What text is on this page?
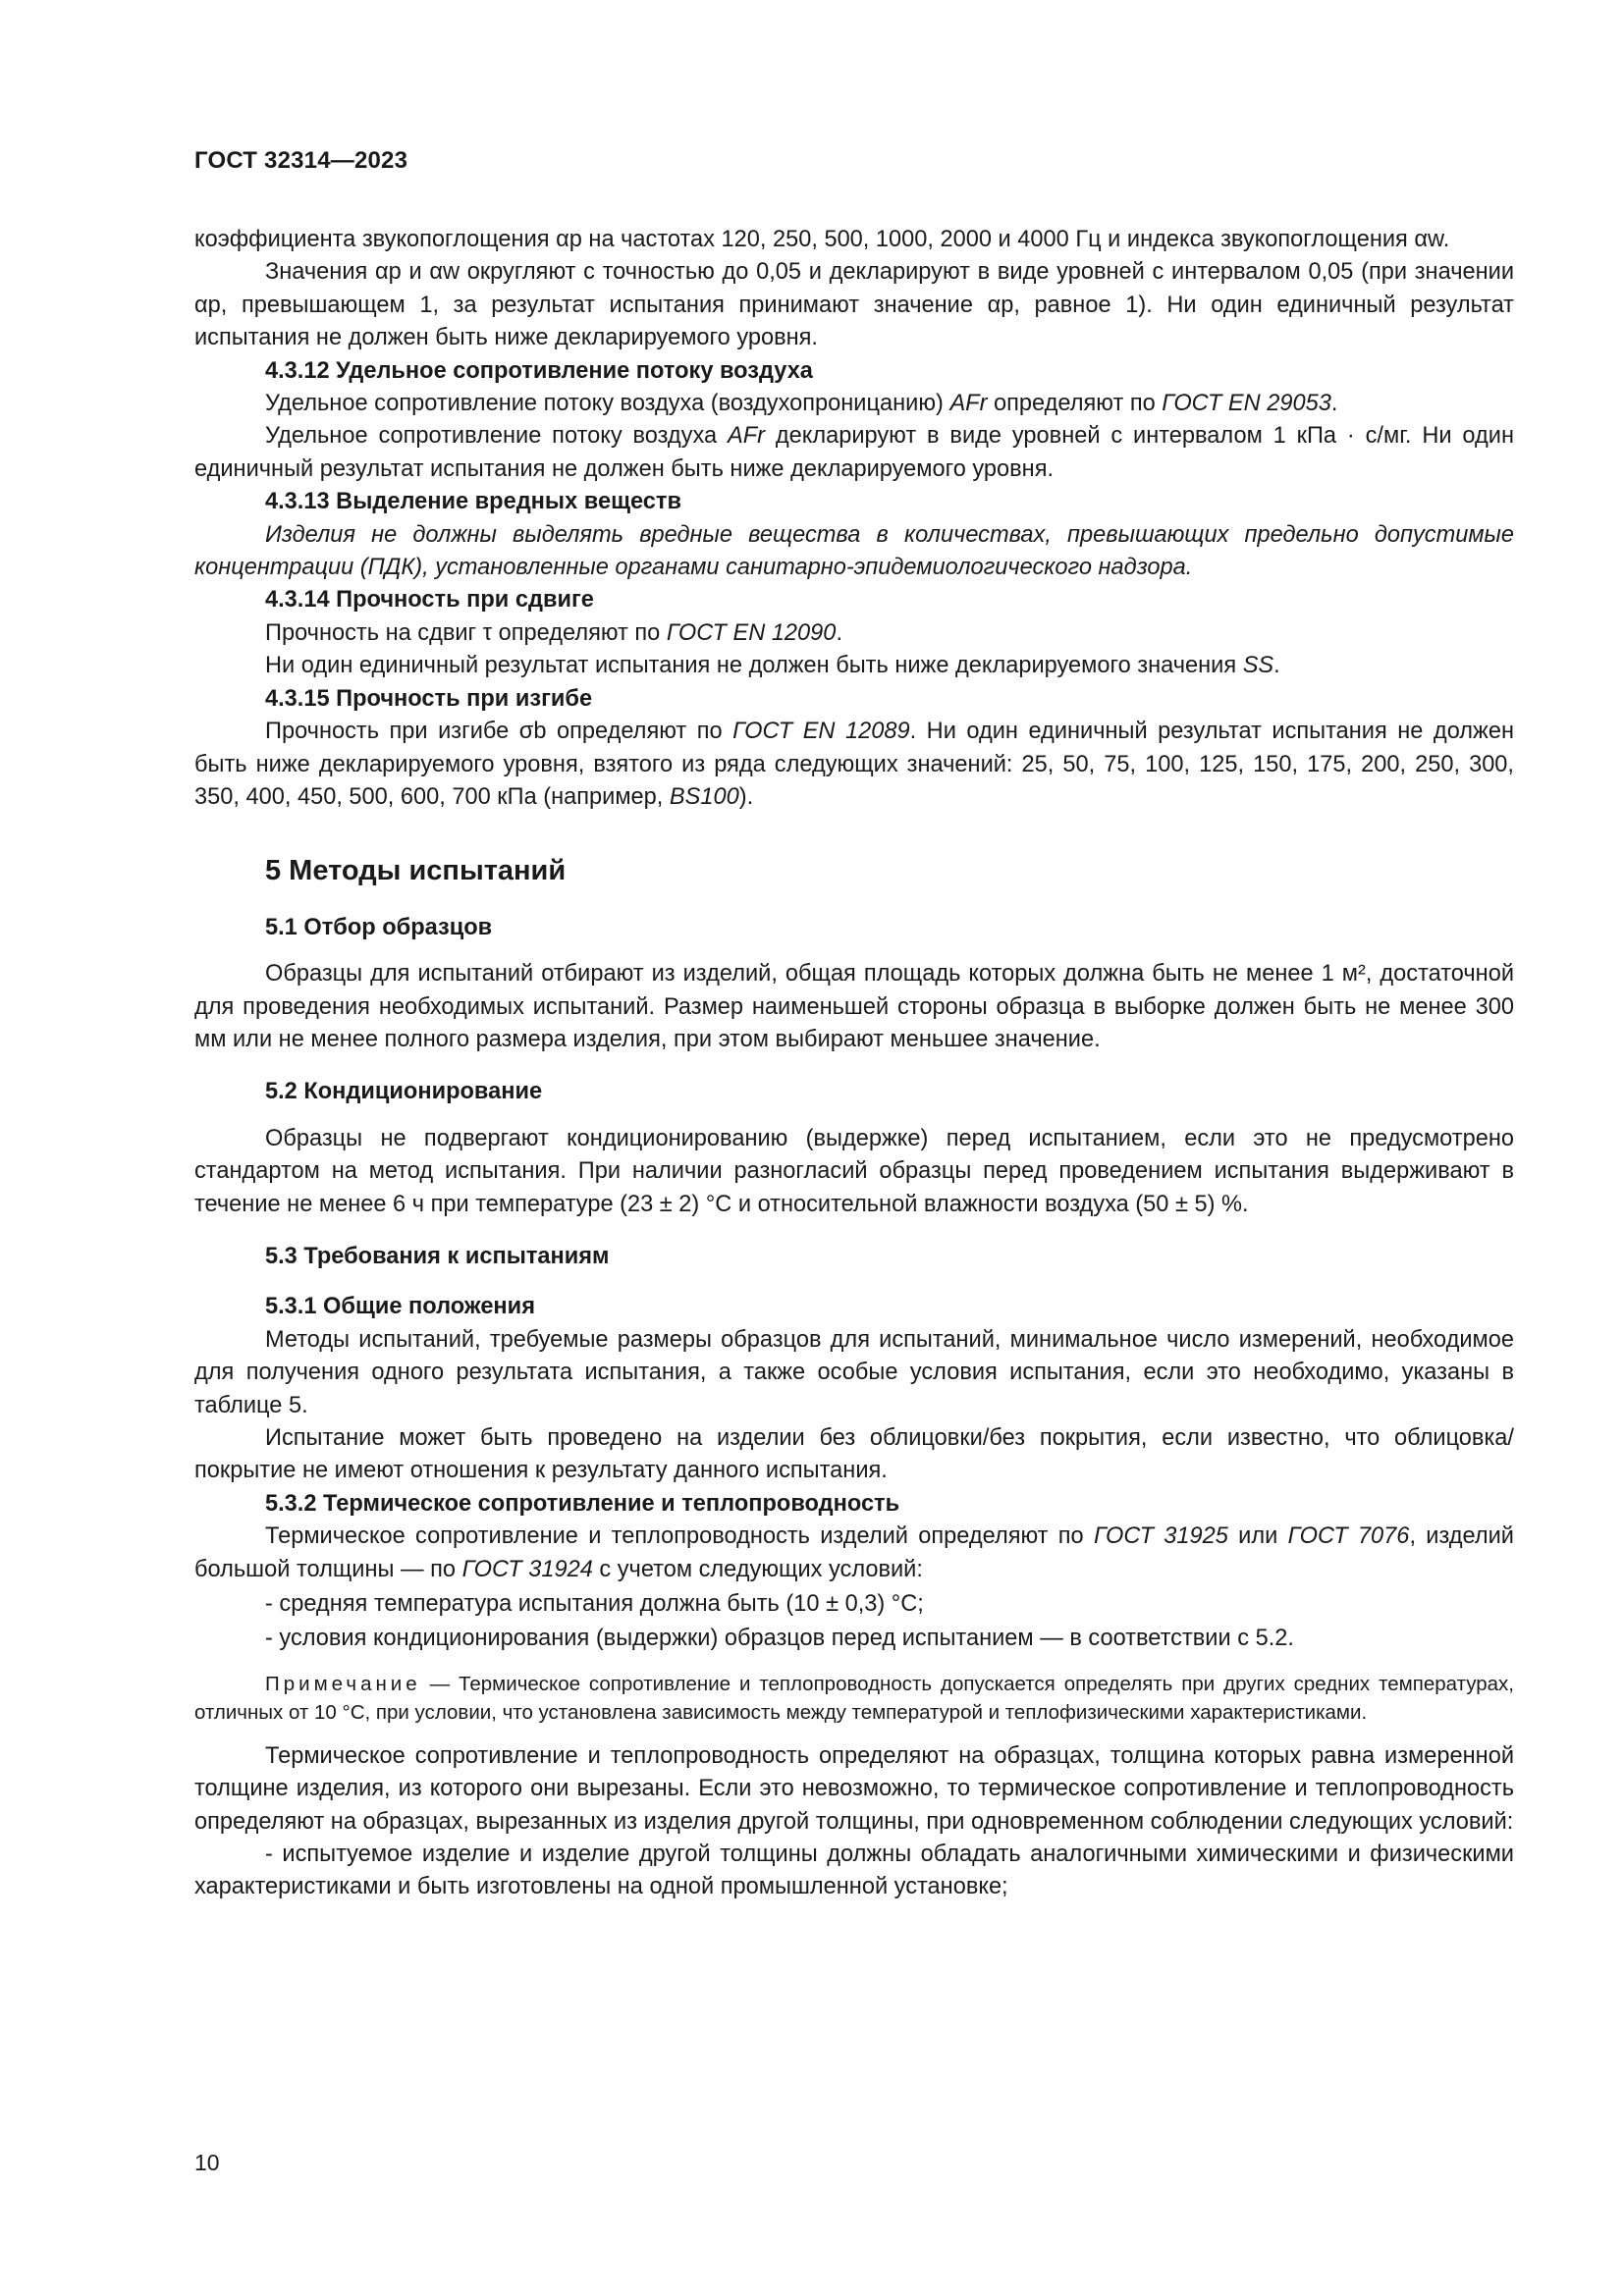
ГОСТ 32314—2023

коэффициента звукопоглощения αp на частотах 120, 250, 500, 1000, 2000 и 4000 Гц и индекса звукопоглощения αw.

Значения αp и αw округляют с точностью до 0,05 и декларируют в виде уровней с интервалом 0,05 (при значении αp, превышающем 1, за результат испытания принимают значение αp, равное 1). Ни один единичный результат испытания не должен быть ниже декларируемого уровня.

4.3.12 Удельное сопротивление потоку воздуха

Удельное сопротивление потоку воздуха (воздухопроницанию) AFr определяют по ГОСТ EN 29053.

Удельное сопротивление потоку воздуха AFr декларируют в виде уровней с интервалом 1 кПа · с/мг. Ни один единичный результат испытания не должен быть ниже декларируемого уровня.

4.3.13 Выделение вредных веществ

Изделия не должны выделять вредные вещества в количествах, превышающих предельно допустимые концентрации (ПДК), установленные органами санитарно-эпидемиологического надзора.

4.3.14 Прочность при сдвиге

Прочность на сдвиг τ определяют по ГОСТ EN 12090.

Ни один единичный результат испытания не должен быть ниже декларируемого значения SS.

4.3.15 Прочность при изгибе

Прочность при изгибе σb определяют по ГОСТ EN 12089. Ни один единичный результат испытания не должен быть ниже декларируемого уровня, взятого из ряда следующих значений: 25, 50, 75, 100, 125, 150, 175, 200, 250, 300, 350, 400, 450, 500, 600, 700 кПа (например, BS100).

5 Методы испытаний
5.1 Отбор образцов

Образцы для испытаний отбирают из изделий, общая площадь которых должна быть не менее 1 м², достаточной для проведения необходимых испытаний. Размер наименьшей стороны образца в выборке должен быть не менее 300 мм или не менее полного размера изделия, при этом выбирают меньшее значение.

5.2 Кондиционирование

Образцы не подвергают кондиционированию (выдержке) перед испытанием, если это не предусмотрено стандартом на метод испытания. При наличии разногласий образцы перед проведением испытания выдерживают в течение не менее 6 ч при температуре (23 ± 2) °С и относительной влажности воздуха (50 ± 5) %.

5.3 Требования к испытаниям
5.3.1 Общие положения

Методы испытаний, требуемые размеры образцов для испытаний, минимальное число измерений, необходимое для получения одного результата испытания, а также особые условия испытания, если это необходимо, указаны в таблице 5.

Испытание может быть проведено на изделии без облицовки/без покрытия, если известно, что облицовка/покрытие не имеют отношения к результату данного испытания.

5.3.2 Термическое сопротивление и теплопроводность

Термическое сопротивление и теплопроводность изделий определяют по ГОСТ 31925 или ГОСТ 7076, изделий большой толщины — по ГОСТ 31924 с учетом следующих условий:

- средняя температура испытания должна быть (10 ± 0,3) °С;

- условия кондиционирования (выдержки) образцов перед испытанием — в соответствии с 5.2.

Примечание — Термическое сопротивление и теплопроводность допускается определять при других средних температурах, отличных от 10 °С, при условии, что установлена зависимость между температурой и теплофизическими характеристиками.

Термическое сопротивление и теплопроводность определяют на образцах, толщина которых равна измеренной толщине изделия, из которого они вырезаны. Если это невозможно, то термическое сопротивление и теплопроводность определяют на образцах, вырезанных из изделия другой толщины, при одновременном соблюдении следующих условий:

- испытуемое изделие и изделие другой толщины должны обладать аналогичными химическими и физическими характеристиками и быть изготовлены на одной промышленной установке;

10
